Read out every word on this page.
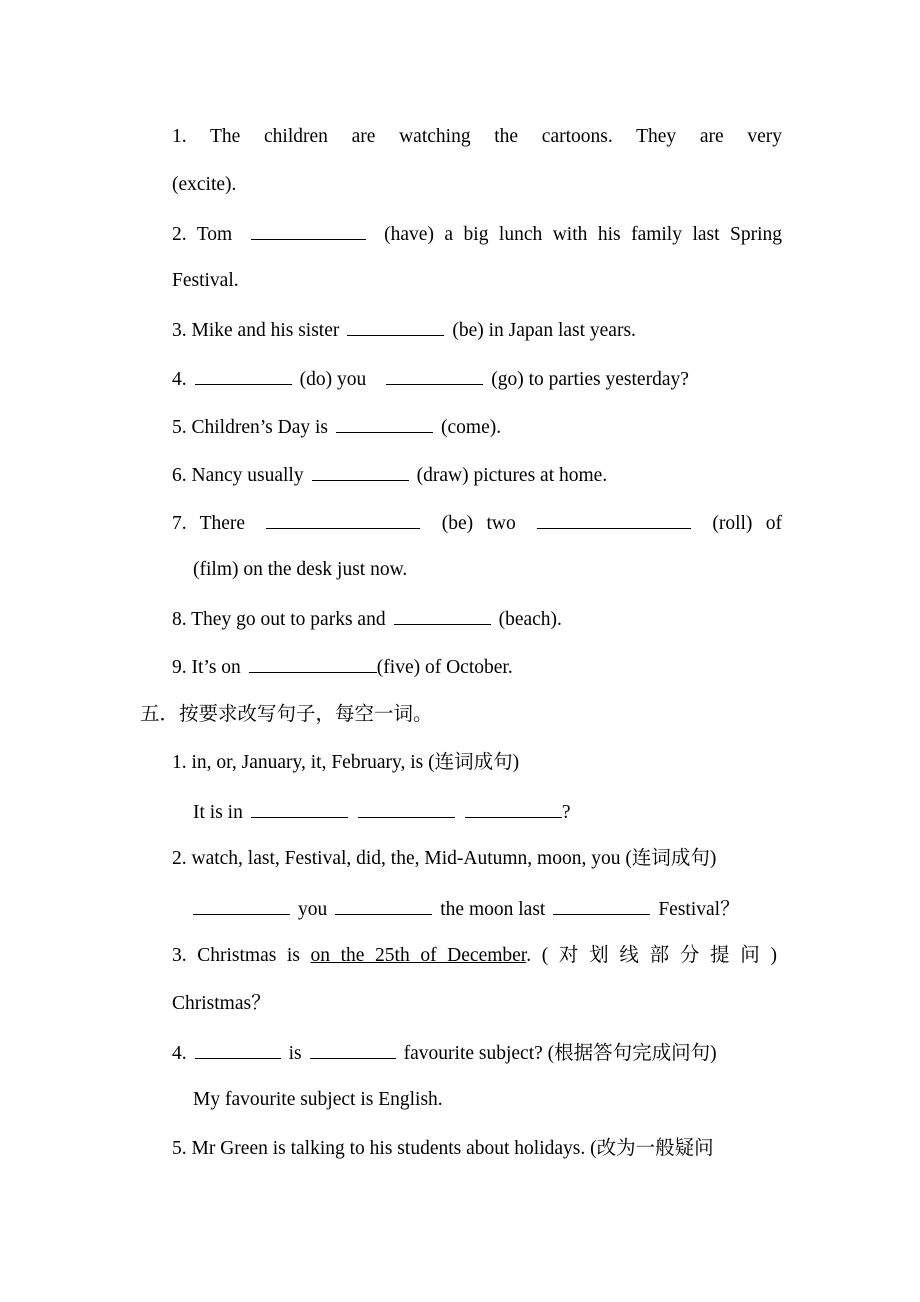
1. The children are watching the cartoons. They are very
(excite).
2. Tom	(have) a big lunch with his family last Spring
Festival.
3. Mike and his sister	(be) in Japan last years.
4.	(do) you	(go) to parties yesterday?
5. Children’s Day is	(come).
6. Nancy usually	(draw) pictures at home.
7. There	(be) two	(roll) of
(film) on the desk just now.
8. They go out to parks and	(beach).
9. It’s on	(five) of October.
五．按要求改写句子，每空一词。
1. in, or, January, it, February, is (连词成句)
It is in	?
2. watch, last, Festival, did, the, Mid-Autumn, moon, you (连词成句)
you	the moon last	Festival？
3. Christmas is on the 25th of December. (对划线部分提问)
Christmas？
4.	is	favourite subject? (根据答句完成问句)
My favourite subject is English.
5. Mr Green is talking to his students about holidays. (改为一般疑问
